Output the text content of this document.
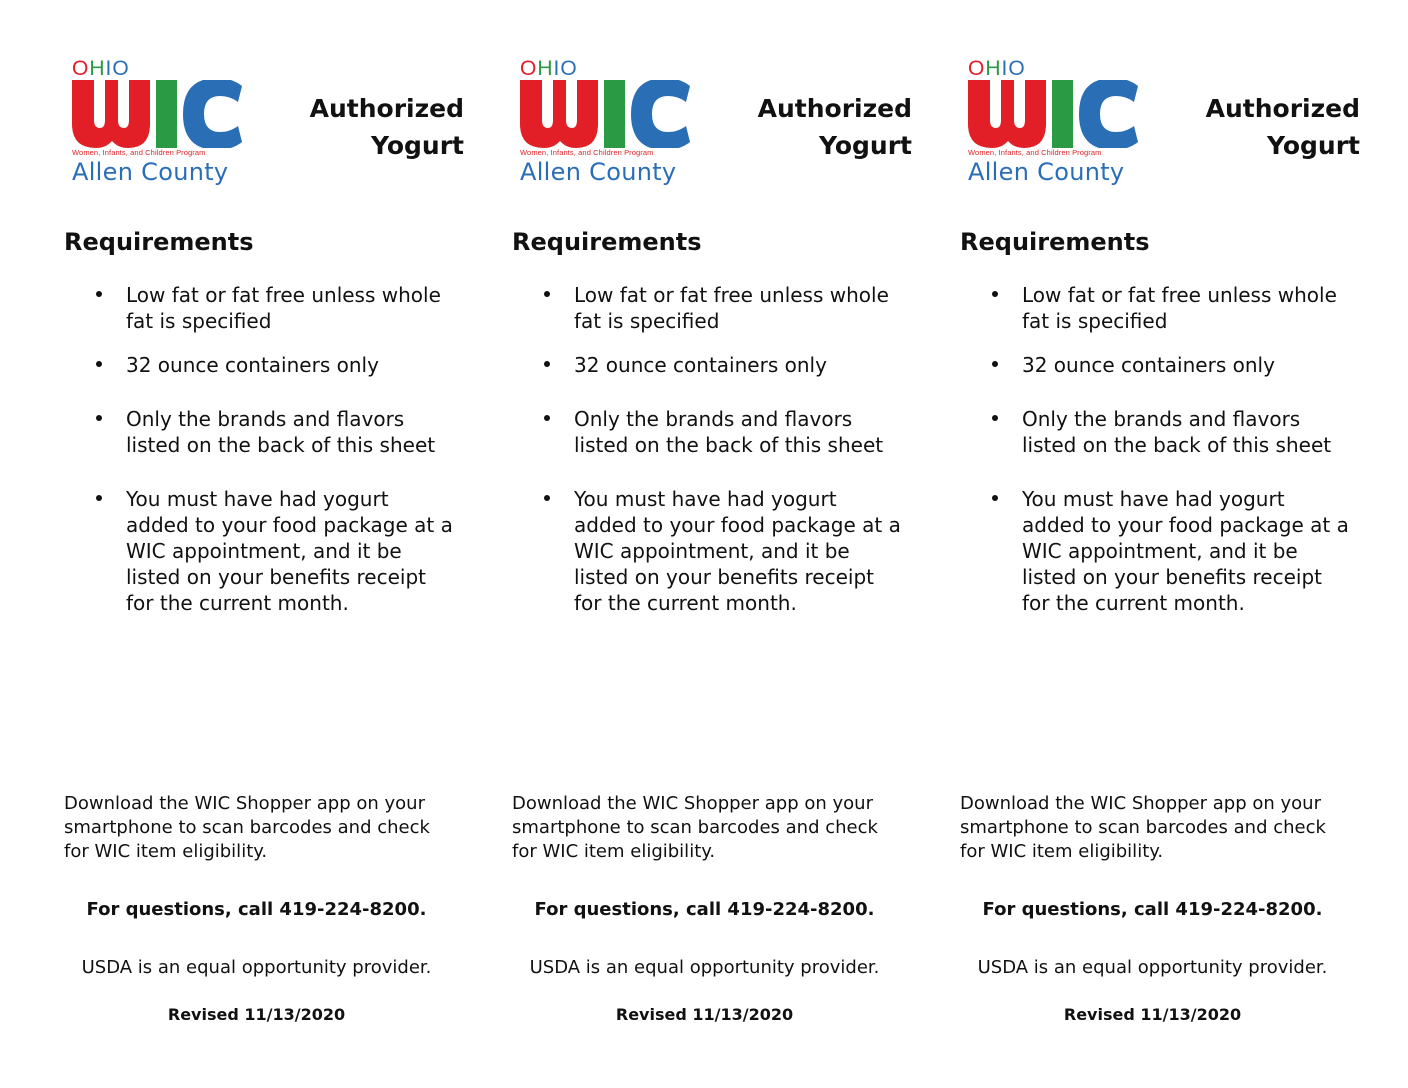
OHIO
Women, Infants, and Children Program
Allen County
Authorized
Yogurt
Requirements
Low fat or fat free unless whole fat is specified
32 ounce containers only
Only the brands and flavors listed on the back of this sheet
You must have had yogurt added to your food package at a WIC appointment, and it be listed on your benefits receipt for the current month.
Download the WIC Shopper app on your smartphone to scan barcodes and check for WIC item eligibility.
For questions, call 419-224-8200.
USDA is an equal opportunity provider.
Revised 11/13/2020
OHIO
Women, Infants, and Children Program
Allen County
Authorized
Yogurt
Requirements
Low fat or fat free unless whole fat is specified
32 ounce containers only
Only the brands and flavors listed on the back of this sheet
You must have had yogurt added to your food package at a WIC appointment, and it be listed on your benefits receipt for the current month.
Download the WIC Shopper app on your smartphone to scan barcodes and check for WIC item eligibility.
For questions, call 419-224-8200.
USDA is an equal opportunity provider.
Revised 11/13/2020
OHIO
Women, Infants, and Children Program
Allen County
Authorized
Yogurt
Requirements
Low fat or fat free unless whole fat is specified
32 ounce containers only
Only the brands and flavors listed on the back of this sheet
You must have had yogurt added to your food package at a WIC appointment, and it be listed on your benefits receipt for the current month.
Download the WIC Shopper app on your smartphone to scan barcodes and check for WIC item eligibility.
For questions, call 419-224-8200.
USDA is an equal opportunity provider.
Revised 11/13/2020
